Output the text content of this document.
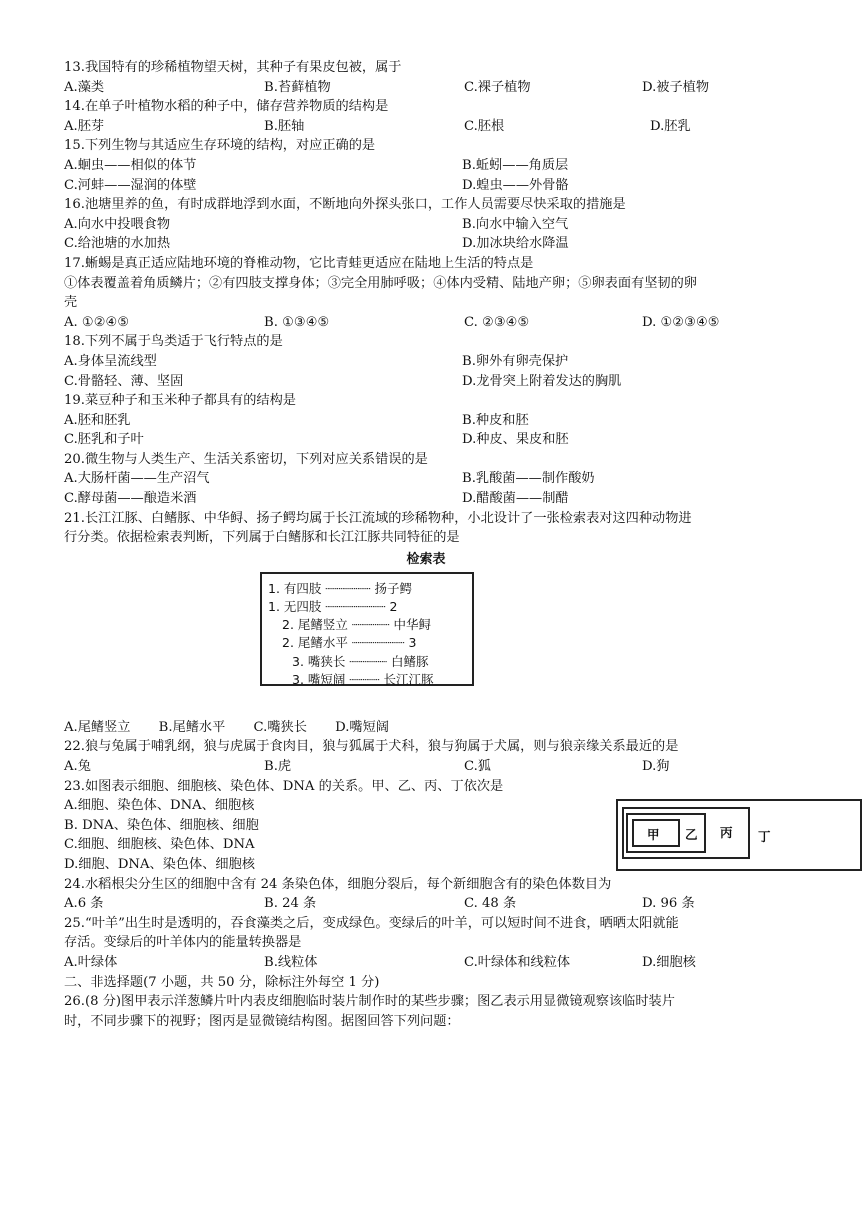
13.我国特有的珍稀植物望天树，其种子有果皮包被，属于
A.藻类	B.苔藓植物	C.裸子植物	D.被子植物
14.在单子叶植物水稻的种子中，储存营养物质的结构是
A.胚芽	B.胚轴	C.胚根	D.胚乳
15.下列生物与其适应生存环境的结构，对应正确的是
A.蛔虫——相似的体节	B.蚯蚓——角质层
C.河蚌——湿润的体壁	D.蝗虫——外骨骼
16.池塘里养的鱼，有时成群地浮到水面，不断地向外探头张口，工作人员需要尽快采取的措施是
A.向水中投喂食物	B.向水中输入空气
C.给池塘的水加热	D.加冰块给水降温
17.蜥蜴是真正适应陆地环境的脊椎动物，它比青蛙更适应在陆地上生活的特点是
①体表覆盖着角质鳞片；②有四肢支撑身体；③完全用肺呼吸；④体内受精、陆地产卵；⑤卵表面有坚韧的卵
壳
A. ①②④⑤	B. ①③④⑤	C. ②③④⑤	D. ①②③④⑤
18.下列不属于鸟类适于飞行特点的是
A.身体呈流线型	B.卵外有卵壳保护
C.骨骼轻、薄、坚固	D.龙骨突上附着发达的胸肌
19.菜豆种子和玉米种子都具有的结构是
A.胚和胚乳	B.种皮和胚
C.胚乳和子叶	D.种皮、果皮和胚
20.微生物与人类生产、生活关系密切，下列对应关系错误的是
A.大肠杆菌——生产沼气	B.乳酸菌——制作酸奶
C.酵母菌——酿造米酒	D.醋酸菌——制醋
21.长江江豚、白鳍豚、中华鲟、扬子鳄均属于长江流域的珍稀物种，小北设计了一张检索表对这四种动物进
行分类。依据检索表判断，下列属于白鳍豚和长江江豚共同特征的是
检索表
1. 有四肢 ┈┈┈┈┈┈ 扬子鳄
1. 无四肢 ┈┈┈┈┈┈┈┈ 2
2. 尾鳍竖立 ┈┈┈┈┈ 中华鲟
2. 尾鳍水平 ┈┈┈┈┈┈┈ 3
3. 嘴狭长 ┈┈┈┈┈ 白鳍豚
3. 嘴短阔 ┈┈┈┈ 长江江豚
A.尾鳍竖立 B.尾鳍水平 C.嘴狭长 D.嘴短阔
22.狼与兔属于哺乳纲，狼与虎属于食肉目，狼与狐属于犬科，狼与狗属于犬属，则与狼亲缘关系最近的是
A.兔	B.虎	C.狐	D.狗
23.如图表示细胞、细胞核、染色体、DNA 的关系。甲、乙、丙、丁依次是
A.细胞、染色体、DNA、细胞核
B. DNA、染色体、细胞核、细胞
C.细胞、细胞核、染色体、DNA
D.细胞、DNA、染色体、细胞核
甲 乙 丙 丁
24.水稻根尖分生区的细胞中含有 24 条染色体，细胞分裂后，每个新细胞含有的染色体数目为
A.6 条	B. 24 条	C. 48 条	D. 96 条
25.“叶羊”出生时是透明的，吞食藻类之后，变成绿色。变绿后的叶羊，可以短时间不进食，晒晒太阳就能
存活。变绿后的叶羊体内的能量转换器是
A.叶绿体	B.线粒体	C.叶绿体和线粒体	D.细胞核
二、非选择题(7 小题，共 50 分，除标注外每空 1 分)
26.(8 分)图甲表示洋葱鳞片叶内表皮细胞临时装片制作时的某些步骤；图乙表示用显微镜观察该临时装片
时，不同步骤下的视野；图丙是显微镜结构图。据图回答下列问题：
